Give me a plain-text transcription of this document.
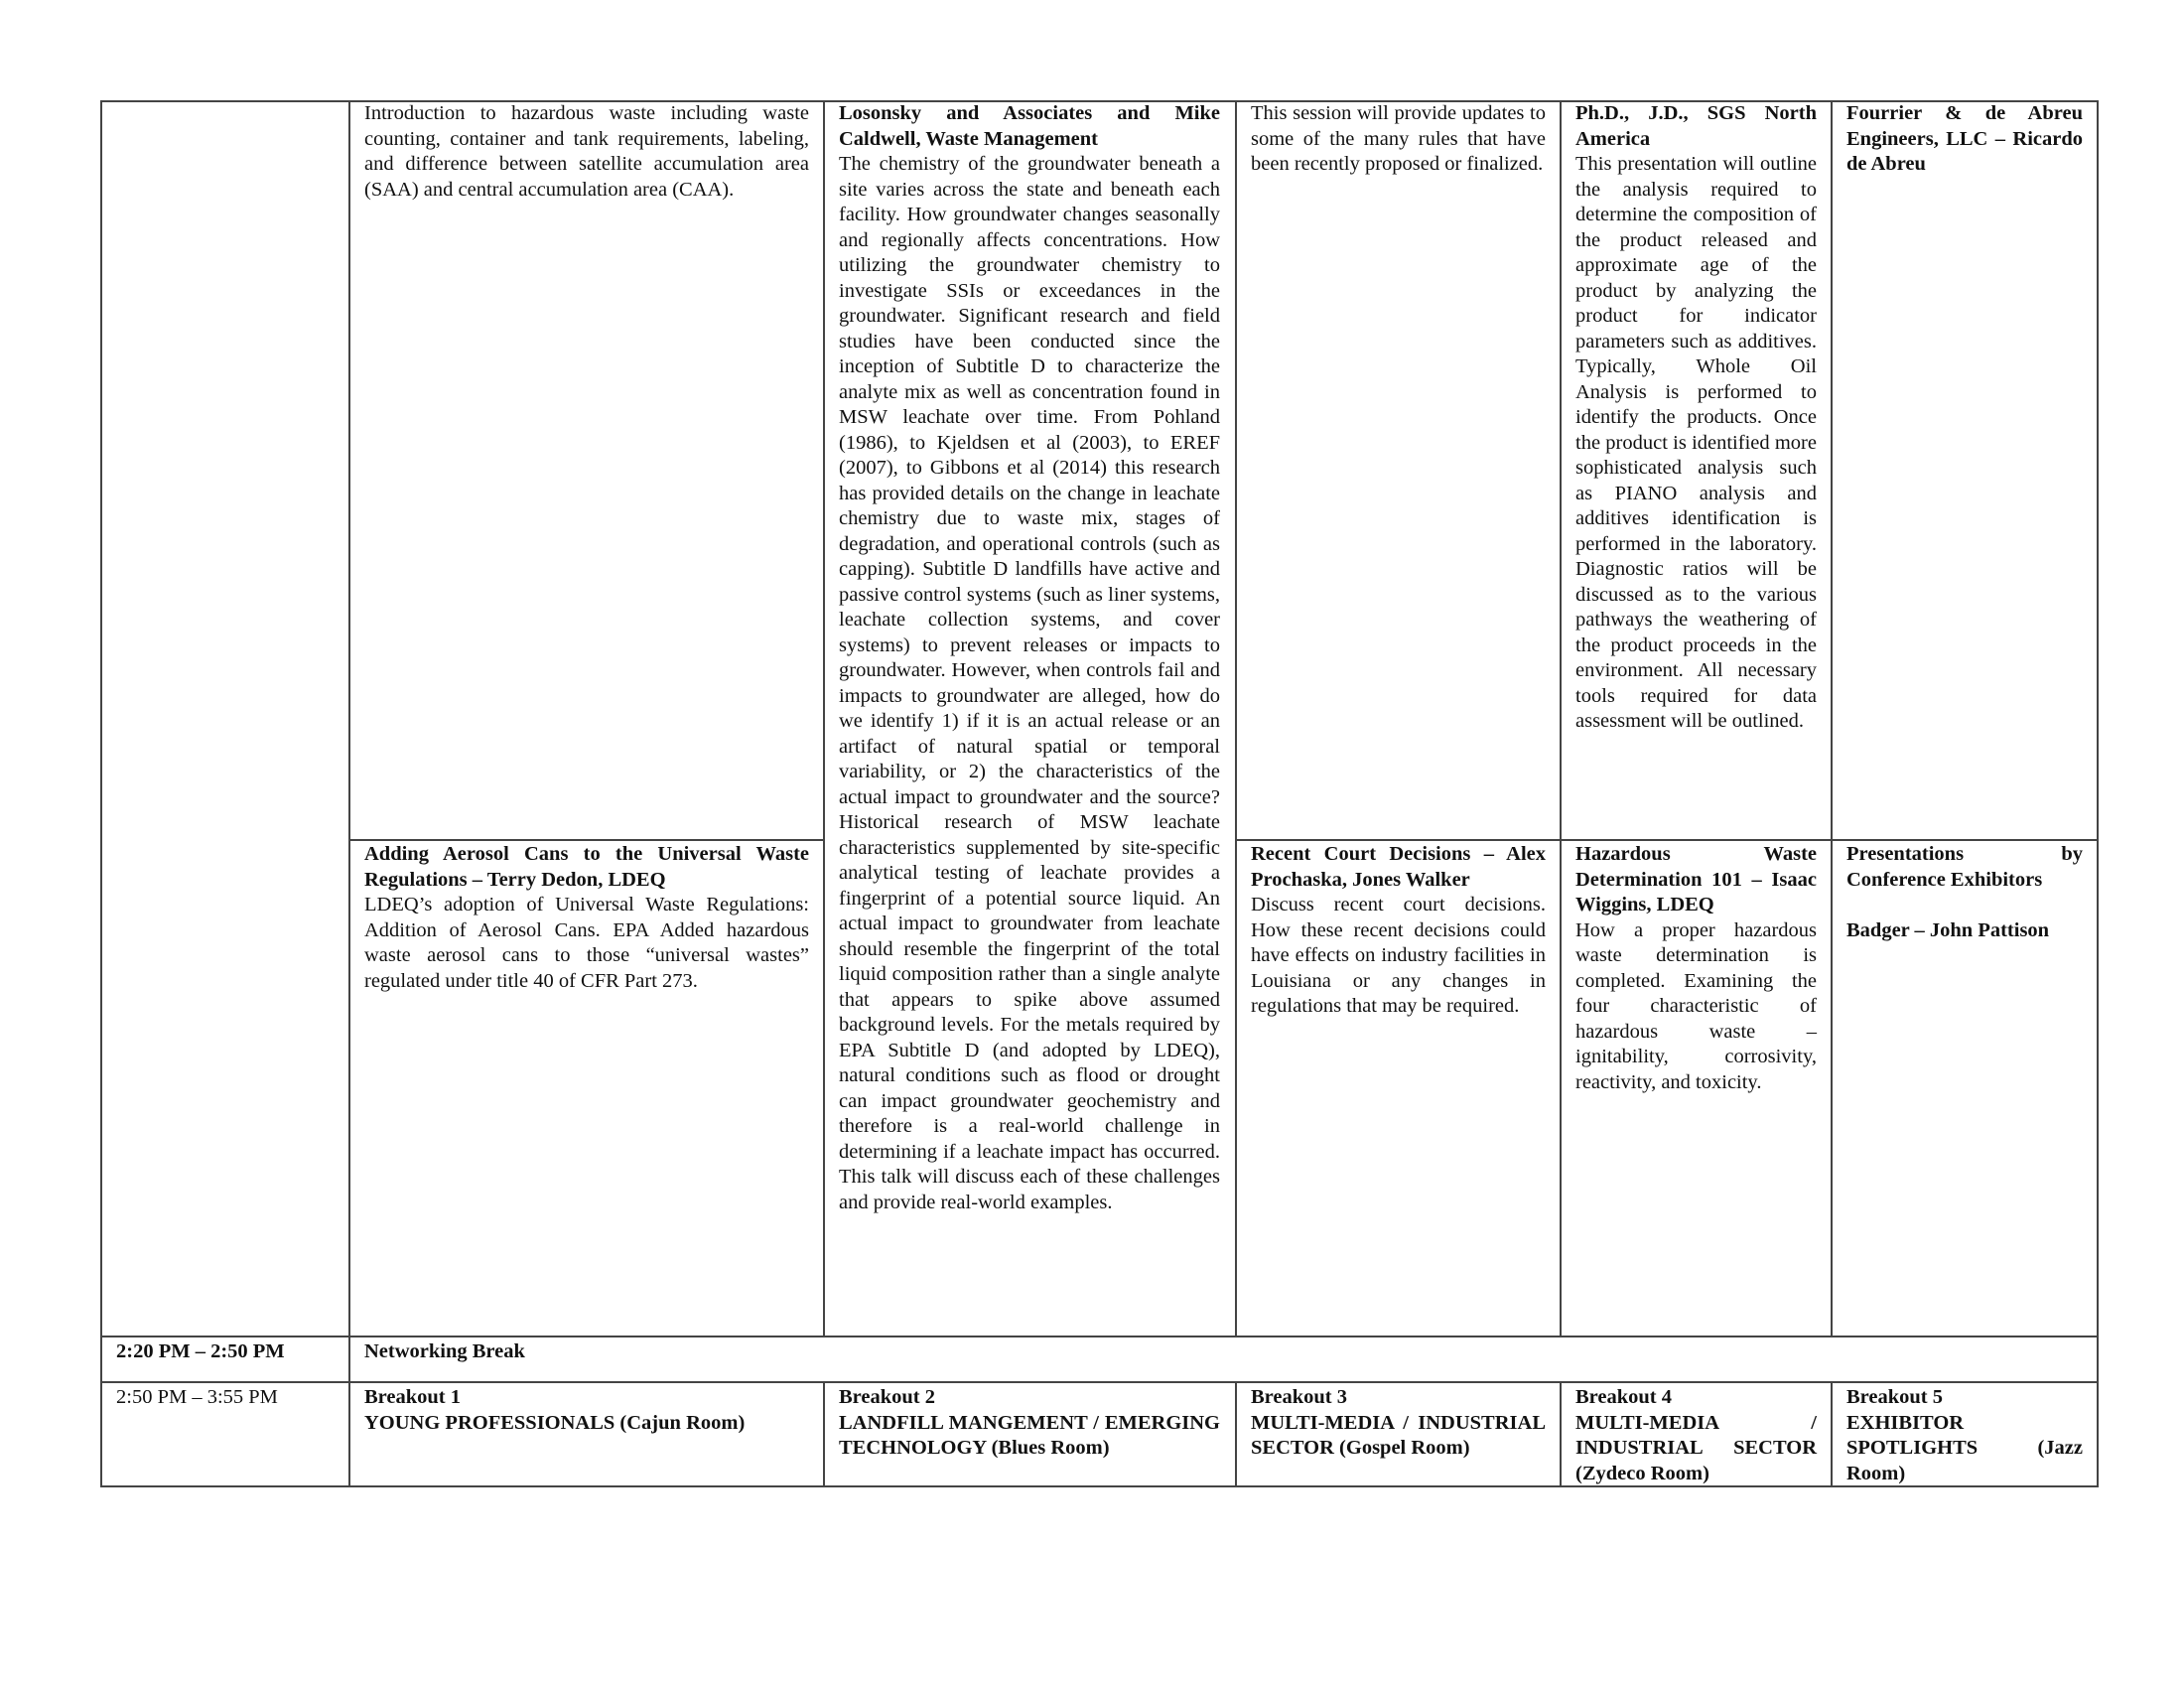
Introduction to hazardous waste including waste counting, container and tank requirements, labeling, and difference between satellite accumulation area (SAA) and central accumulation area (CAA).

Losonsky and Associates and Mike Caldwell, Waste Management

The chemistry of the groundwater beneath a site varies across the state and beneath each facility. How groundwater changes seasonally and regionally affects concentrations. How utilizing the groundwater chemistry to investigate SSIs or exceedances in the groundwater. Significant research and field studies have been conducted since the inception of Subtitle D to characterize the analyte mix as well as concentration found in MSW leachate over time. From Pohland (1986), to Kjeldsen et al (2003), to EREF (2007), to Gibbons et al (2014) this research has provided details on the change in leachate chemistry due to waste mix, stages of degradation, and operational controls (such as capping). Subtitle D landfills have active and passive control systems (such as liner systems, leachate collection systems, and cover systems) to prevent releases or impacts to groundwater. However, when controls fail and impacts to groundwater are alleged, how do we identify 1) if it is an actual release or an artifact of natural spatial or temporal variability, or 2) the characteristics of the actual impact to groundwater and the source? Historical research of MSW leachate characteristics supplemented by site-specific analytical testing of leachate provides a fingerprint of a potential source liquid. An actual impact to groundwater from leachate should resemble the fingerprint of the total liquid composition rather than a single analyte that appears to spike above assumed background levels. For the metals required by EPA Subtitle D (and adopted by LDEQ), natural conditions such as flood or drought can impact groundwater geochemistry and therefore is a real-world challenge in determining if a leachate impact has occurred. This talk will discuss each of these challenges and provide real-world examples.

This session will provide updates to some of the many rules that have been recently proposed or finalized.

Ph.D., J.D., SGS North America

This presentation will outline the analysis required to determine the composition of the product released and approximate age of the product by analyzing the product for indicator parameters such as additives. Typically, Whole Oil Analysis is performed to identify the products. Once the product is identified more sophisticated analysis such as PIANO analysis and additives identification is performed in the laboratory. Diagnostic ratios will be discussed as to the various pathways the weathering of the product proceeds in the environment. All necessary tools required for data assessment will be outlined.

Fourrier & de Abreu Engineers, LLC – Ricardo de Abreu

Adding Aerosol Cans to the Universal Waste Regulations – Terry Dedon, LDEQ

LDEQ’s adoption of Universal Waste Regulations: Addition of Aerosol Cans. EPA Added hazardous waste aerosol cans to those “universal wastes” regulated under title 40 of CFR Part 273.

Recent Court Decisions – Alex Prochaska, Jones Walker

Discuss recent court decisions. How these recent decisions could have effects on industry facilities in Louisiana or any changes in regulations that may be required.

Hazardous Waste Determination 101 – Isaac Wiggins, LDEQ

How a proper hazardous waste determination is completed. Examining the four characteristic of hazardous waste – ignitability, corrosivity, reactivity, and toxicity.

Presentations by Conference Exhibitors

Badger – John Pattison

2:20 PM – 2:50 PM	Networking Break

2:50 PM – 3:55 PM	Breakout 1

YOUNG PROFESSIONALS (Cajun Room)

Breakout 2

LANDFILL MANGEMENT / EMERGING TECHNOLOGY (Blues Room)

Breakout 3

MULTI-MEDIA / INDUSTRIAL SECTOR (Gospel Room)

Breakout 4

MULTI-MEDIA / INDUSTRIAL SECTOR (Zydeco Room)

Breakout 5

EXHIBITOR SPOTLIGHTS (Jazz Room)
